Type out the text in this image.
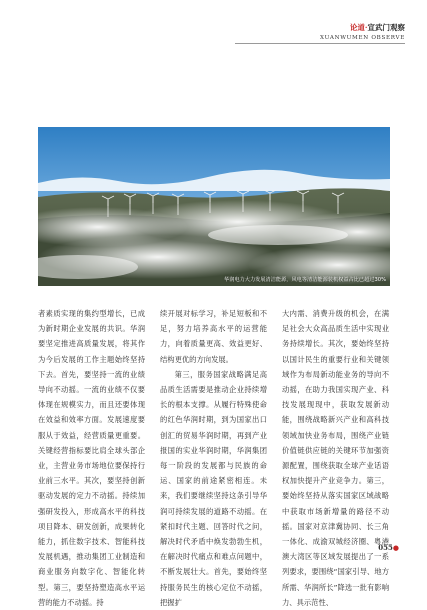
论道·宣武门观察
XUANWUMEN OBSERVE
华润电力大力发展清洁能源，风电等清洁能源装机权益占比已超过30%

者素质实现的集约型增长，已成为新时期企业发展的共识。华润要坚定推进高质量发展，将其作为今后发展的工作主题始终坚持下去。首先，要坚持一流的业绩导向不动摇。一流的业绩不仅要体现在规模实力，而且还要体现在效益和效率方面。发展速度要服从于效益，经营质量更重要。关键经营指标要比肩全球头部企业，主营业务市场地位要保持行业前三水平。其次，要坚持创新驱动发展的定力不动摇。持续加强研发投入，形成高水平的科技项目降本、研发创新，成果转化能力，抓住数字技术、智能科技发展机遇，推动集团工业制造和商业服务向数字化、智能化转型。第三，要坚持塑造高水平运营的能力不动摇。持

续开展对标学习，补足短板和不足，努力培养高水平的运营能力，向着质量更高、效益更好、结构更优的方向发展。

第三，服务国家战略满足高品质生活需要是推动企业持续增长的根本支撑。从履行特殊使命的红色华润时期，到为国家出口创汇的贸易华润时期，再到产业报国的实业华润时期，华润集团每一阶段的发展都与民族的命运、国家的前途紧密相连。未来，我们要继续坚持这条引导华润可持续发展的道路不动摇。在紧扣时代主题、回答时代之问，解决时代矛盾中焕发勃勃生机，在解决时代痛点和难点问题中，不断发展壮大。首先，要始终坚持服务民生的核心定位不动摇，把握扩

大内需、消费升级的机会，在满足社会大众高品质生活中实现业务持续增长。其次，要始终坚持以国计民生的重要行业和关键领域作为布局新动能业务的导向不动摇，在助力我国实现产业、科技发展现现中，获取发展新动能，围绕战略新兴产业和高科技领域加快业务布局，围绕产业链价值链供应链的关键环节加强资源配置，围绕获取全球产业话语权加快提升产业竞争力。第三，要始终坚持从落实国家区域战略中获取市场新增量的路径不动摇。国家对京津冀协同、长三角一体化、成渝双城经济圈、粤港澳大湾区等区域发展提出了一系列要求，要围绕“国家引导、地方所需、华润所长”降选一批有影响力、具示范性、

055●
